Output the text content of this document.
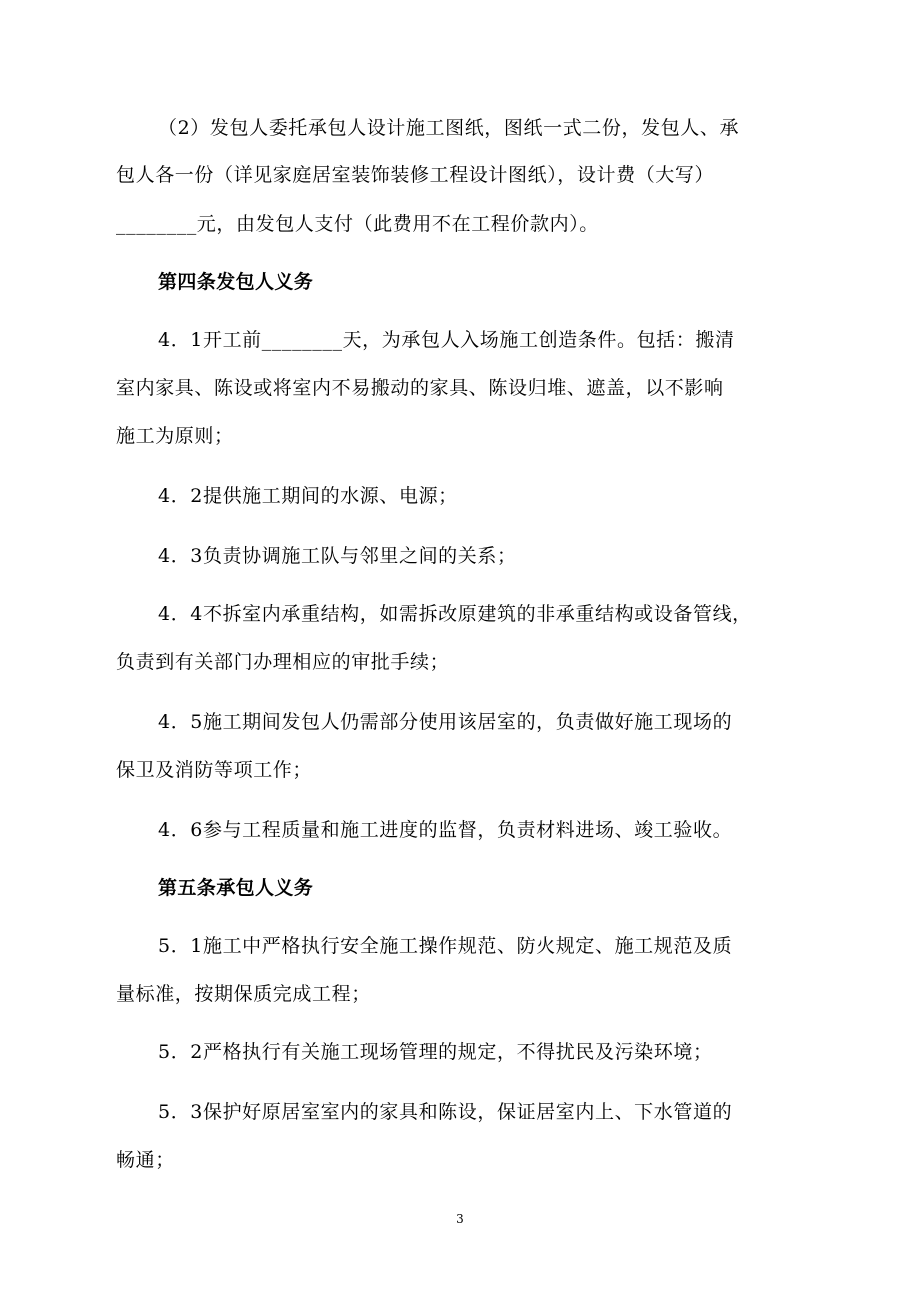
（2）发包人委托承包人设计施工图纸，图纸一式二份，发包人、承
包人各一份（详见家庭居室装饰装修工程设计图纸），设计费（大写）
________元，由发包人支付（此费用不在工程价款内）。
第四条发包人义务
4．1开工前________天，为承包人入场施工创造条件。包括：搬清
室内家具、陈设或将室内不易搬动的家具、陈设归堆、遮盖，以不影响
施工为原则；
4．2提供施工期间的水源、电源；
4．3负责协调施工队与邻里之间的关系；
4．4不拆室内承重结构，如需拆改原建筑的非承重结构或设备管线，
负责到有关部门办理相应的审批手续；
4．5施工期间发包人仍需部分使用该居室的，负责做好施工现场的
保卫及消防等项工作；
4．6参与工程质量和施工进度的监督，负责材料进场、竣工验收。
第五条承包人义务
5．1施工中严格执行安全施工操作规范、防火规定、施工规范及质
量标准，按期保质完成工程；
5．2严格执行有关施工现场管理的规定，不得扰民及污染环境；
5．3保护好原居室室内的家具和陈设，保证居室内上、下水管道的
畅通；
3
